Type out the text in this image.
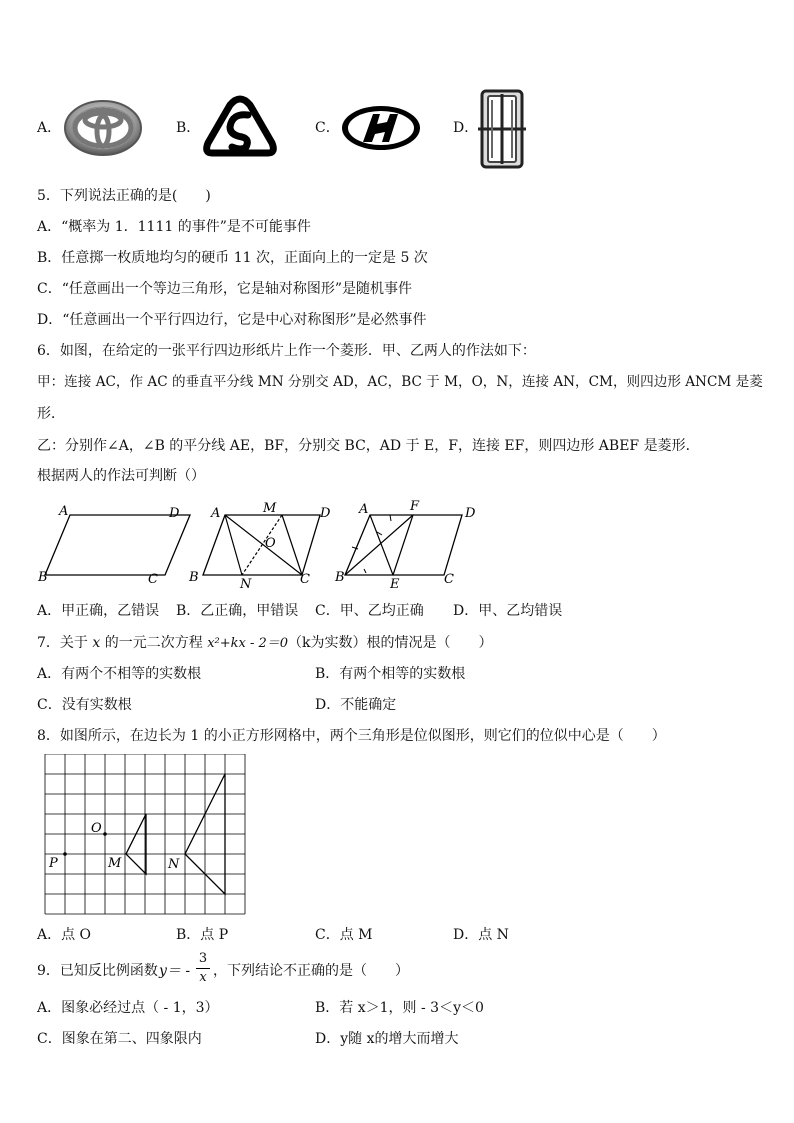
A．	B．	C．	D．
5．下列说法正确的是(　　)
A．“概率为 1．1111 的事件”是不可能事件
B．任意掷一枚质地均匀的硬币 11 次，正面向上的一定是 5 次
C．“任意画出一个等边三角形，它是轴对称图形”是随机事件
D．“任意画出一个平行四边行，它是中心对称图形”是必然事件
6．如图，在给定的一张平行四边形纸片上作一个菱形．甲、乙两人的作法如下：
甲：连接 AC，作 AC 的垂直平分线 MN 分别交 AD，AC，BC 于 M，O，N，连接 AN，CM，则四边形 ANCM 是菱
形．
乙：分别作∠A，∠B 的平分线 AE，BF，分别交 BC，AD 于 E，F，连接 EF，则四边形 ABEF 是菱形．
根据两人的作法可判断（）
A
B	C
D A	M	D
O
B	N	C
A	F	D
B	E	C
A．甲正确，乙错误 B．乙正确，甲错误 C．甲、乙均正确 D．甲、乙均错误
7．关于 x 的一元二次方程 x²+kx - 2＝0（k为实数）根的情况是（　　）
A．有两个不相等的实数根	B．有两个相等的实数根
C．没有实数根	D．不能确定
8．如图所示，在边长为 1 的小正方形网格中，两个三角形是位似图形，则它们的位似中心是（　　）
O
P	M	N
A．点 O	B．点 P	C．点 M	D．点 N
9．已知反比例函数 y＝ -
3
x ，下列结论不正确的是（　　）
A．图象必经过点（ - 1，3）	B．若 x＞1，则 - 3＜y＜0
C．图象在第二、四象限内	D．y随 x的增大而增大
